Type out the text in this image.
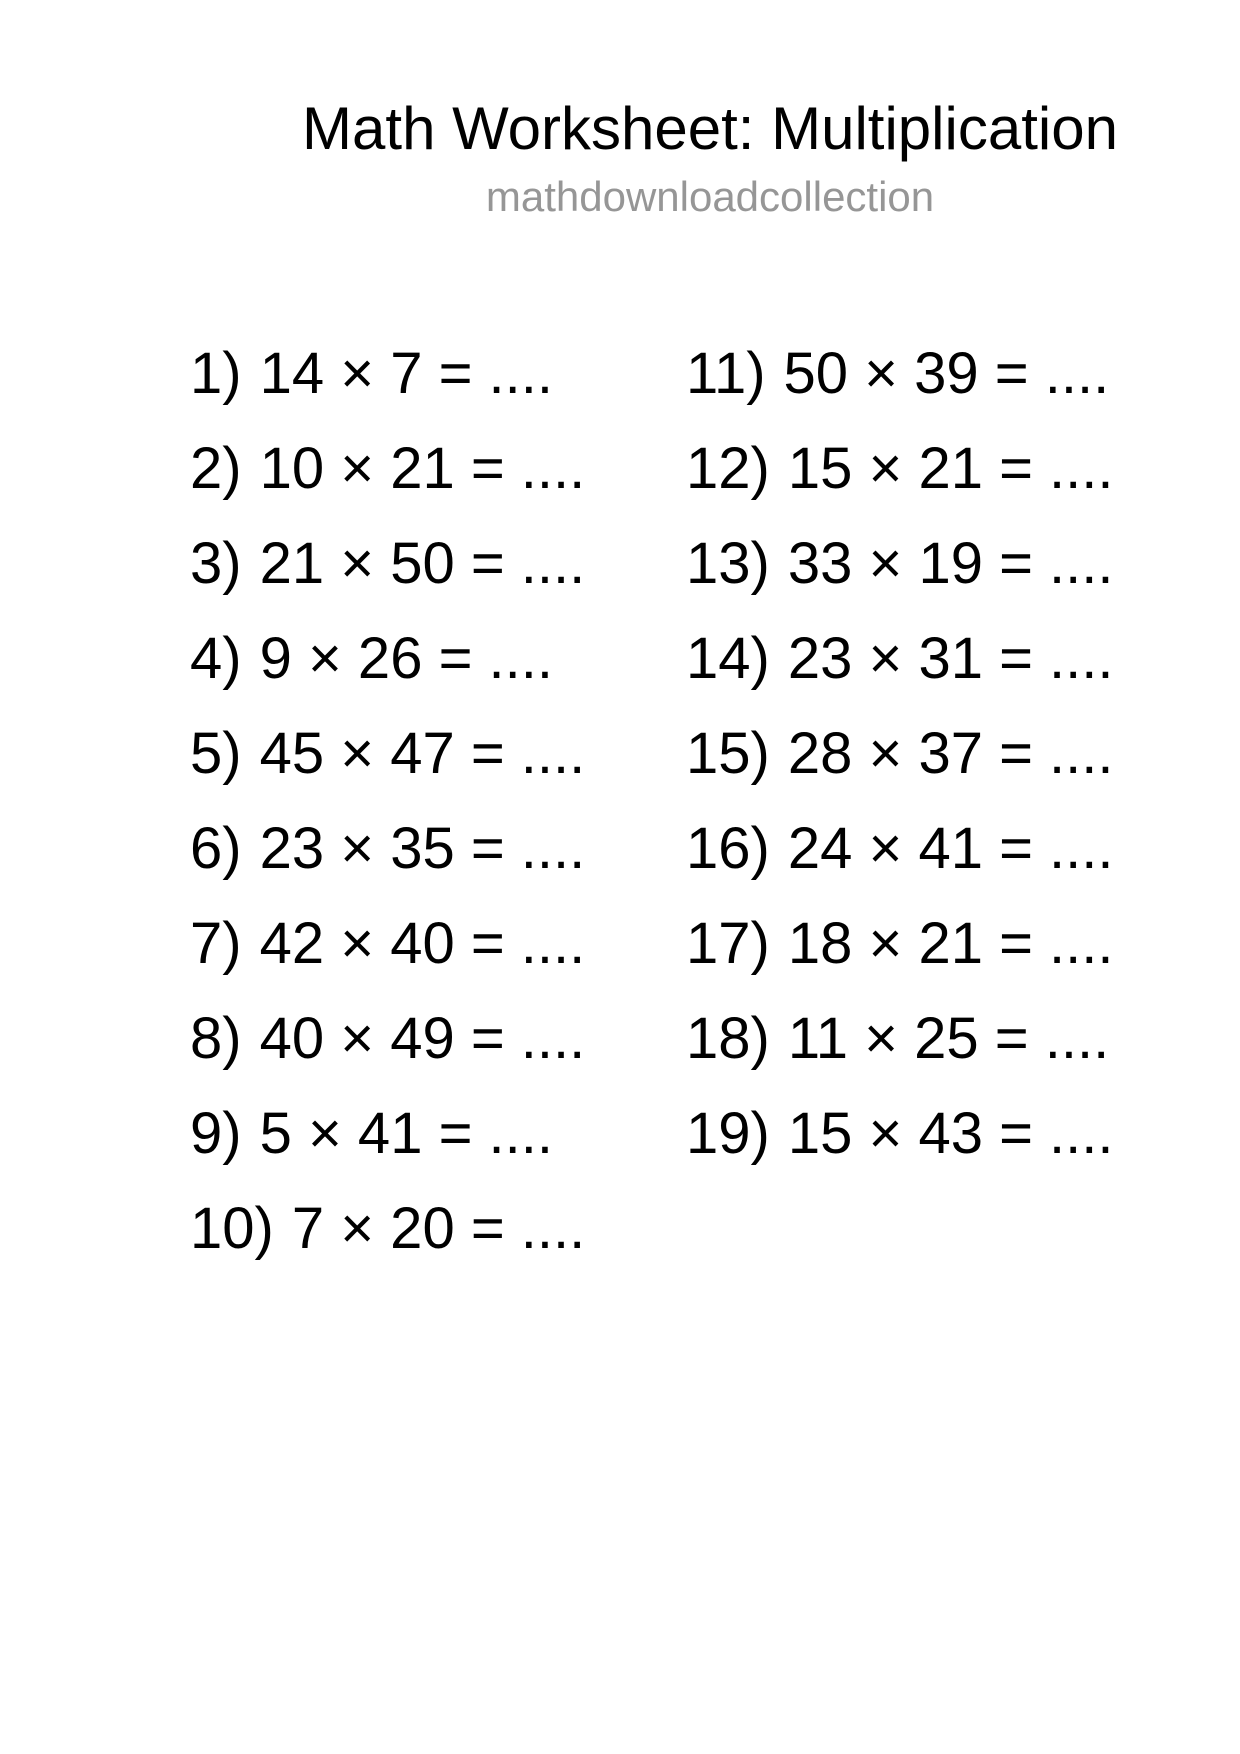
Math Worksheet: Multiplication
mathdownloadcollection
1) 14 × 7 = ....
2) 10 × 21 = ....
3) 21 × 50 = ....
4) 9 × 26 = ....
5) 45 × 47 = ....
6) 23 × 35 = ....
7) 42 × 40 = ....
8) 40 × 49 = ....
9) 5 × 41 = ....
10) 7 × 20 = ....
11) 50 × 39 = ....
12) 15 × 21 = ....
13) 33 × 19 = ....
14) 23 × 31 = ....
15) 28 × 37 = ....
16) 24 × 41 = ....
17) 18 × 21 = ....
18) 11 × 25 = ....
19) 15 × 43 = ....
